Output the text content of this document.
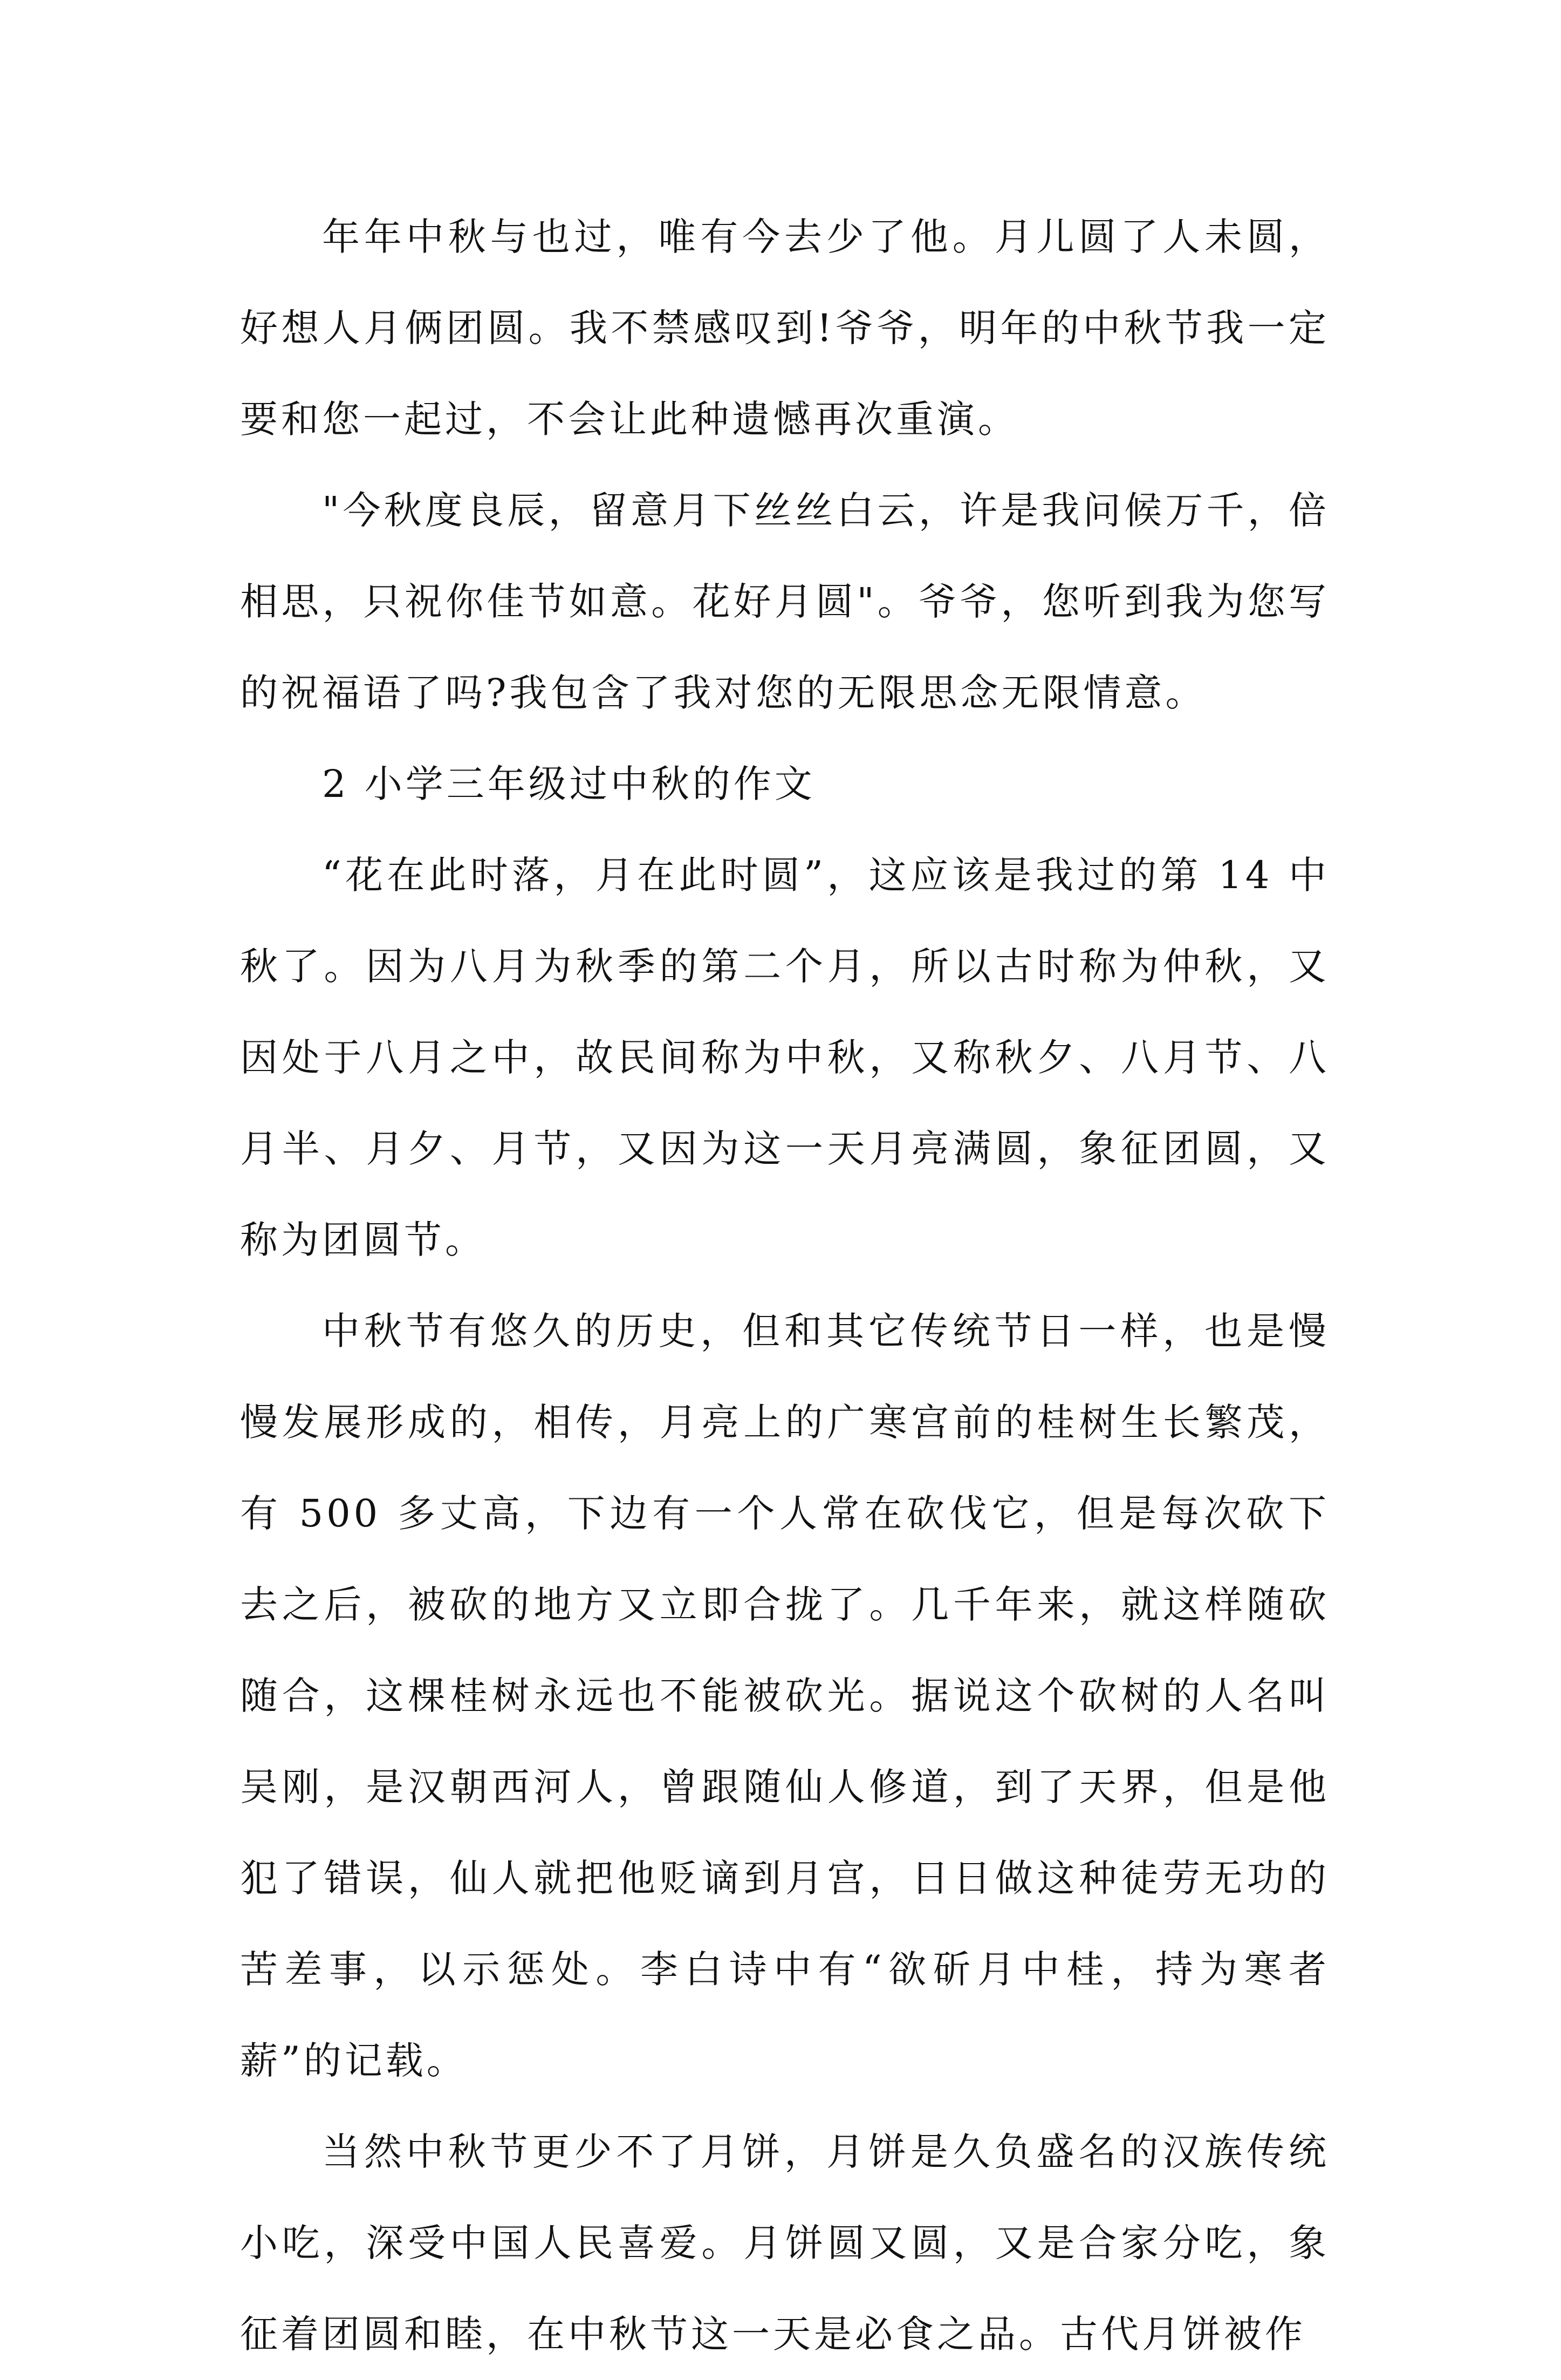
年年中秋与也过，唯有今去少了他。月儿圆了人未圆，好想人月俩团圆。我不禁感叹到!爷爷，明年的中秋节我一定要和您一起过，不会让此种遗憾再次重演。

"今秋度良辰，留意月下丝丝白云，许是我问候万千，倍相思，只祝你佳节如意。花好月圆"。爷爷，您听到我为您写的祝福语了吗?我包含了我对您的无限思念无限情意。

2 小学三年级过中秋的作文

“花在此时落，月在此时圆”，这应该是我过的第 14 中秋了。因为八月为秋季的第二个月，所以古时称为仲秋，又因处于八月之中，故民间称为中秋，又称秋夕、八月节、八月半、月夕、月节，又因为这一天月亮满圆，象征团圆，又称为团圆节。

中秋节有悠久的历史，但和其它传统节日一样，也是慢慢发展形成的，相传，月亮上的广寒宫前的桂树生长繁茂，有 500 多丈高，下边有一个人常在砍伐它，但是每次砍下去之后，被砍的地方又立即合拢了。几千年来，就这样随砍随合，这棵桂树永远也不能被砍光。据说这个砍树的人名叫吴刚，是汉朝西河人，曾跟随仙人修道，到了天界，但是他犯了错误，仙人就把他贬谪到月宫，日日做这种徒劳无功的苦差事，以示惩处。李白诗中有“欲斫月中桂，持为寒者薪”的记载。

当然中秋节更少不了月饼，月饼是久负盛名的汉族传统小吃，深受中国人民喜爱。月饼圆又圆，又是合家分吃，象征着团圆和睦，在中秋节这一天是必食之品。古代月饼被作
